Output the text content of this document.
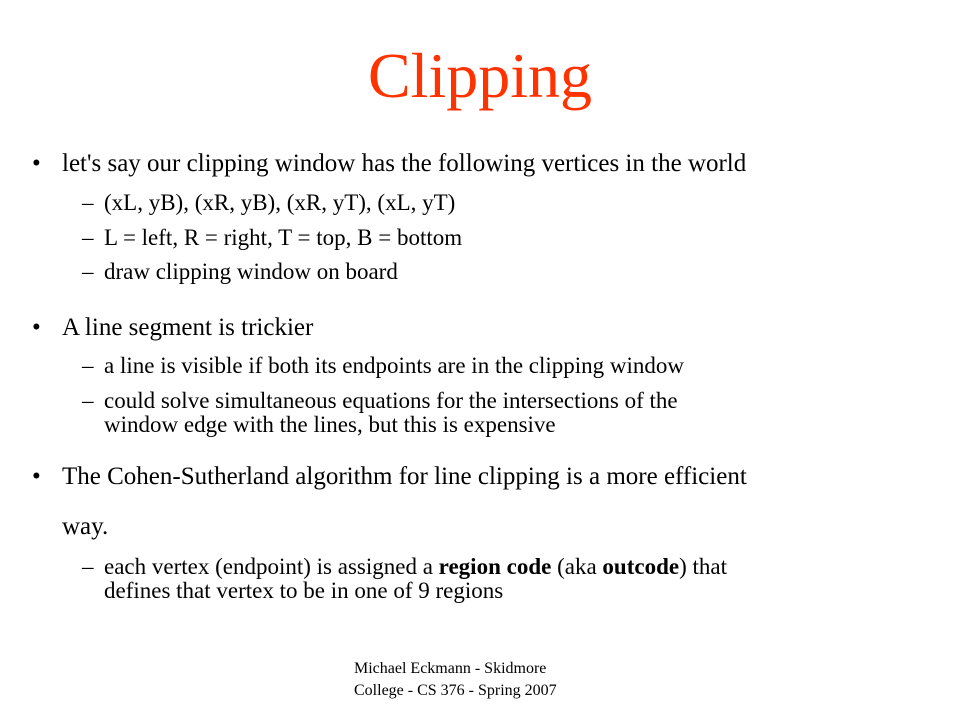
Clipping
• let's say our clipping window has the following vertices in the world
– (xL, yB), (xR, yB), (xR, yT), (xL, yT)
– L = left, R = right, T = top, B = bottom
– draw clipping window on board
• A line segment is trickier
– a line is visible if both its endpoints are in the clipping window
– could solve simultaneous equations for the intersections of the
window edge with the lines, but this is expensive
• The Cohen-Sutherland algorithm for line clipping is a more efficient
way.
– each vertex (endpoint) is assigned a region code (aka outcode) that
defines that vertex to be in one of 9 regions
Michael Eckmann - Skidmore
College - CS 376 - Spring 2007
